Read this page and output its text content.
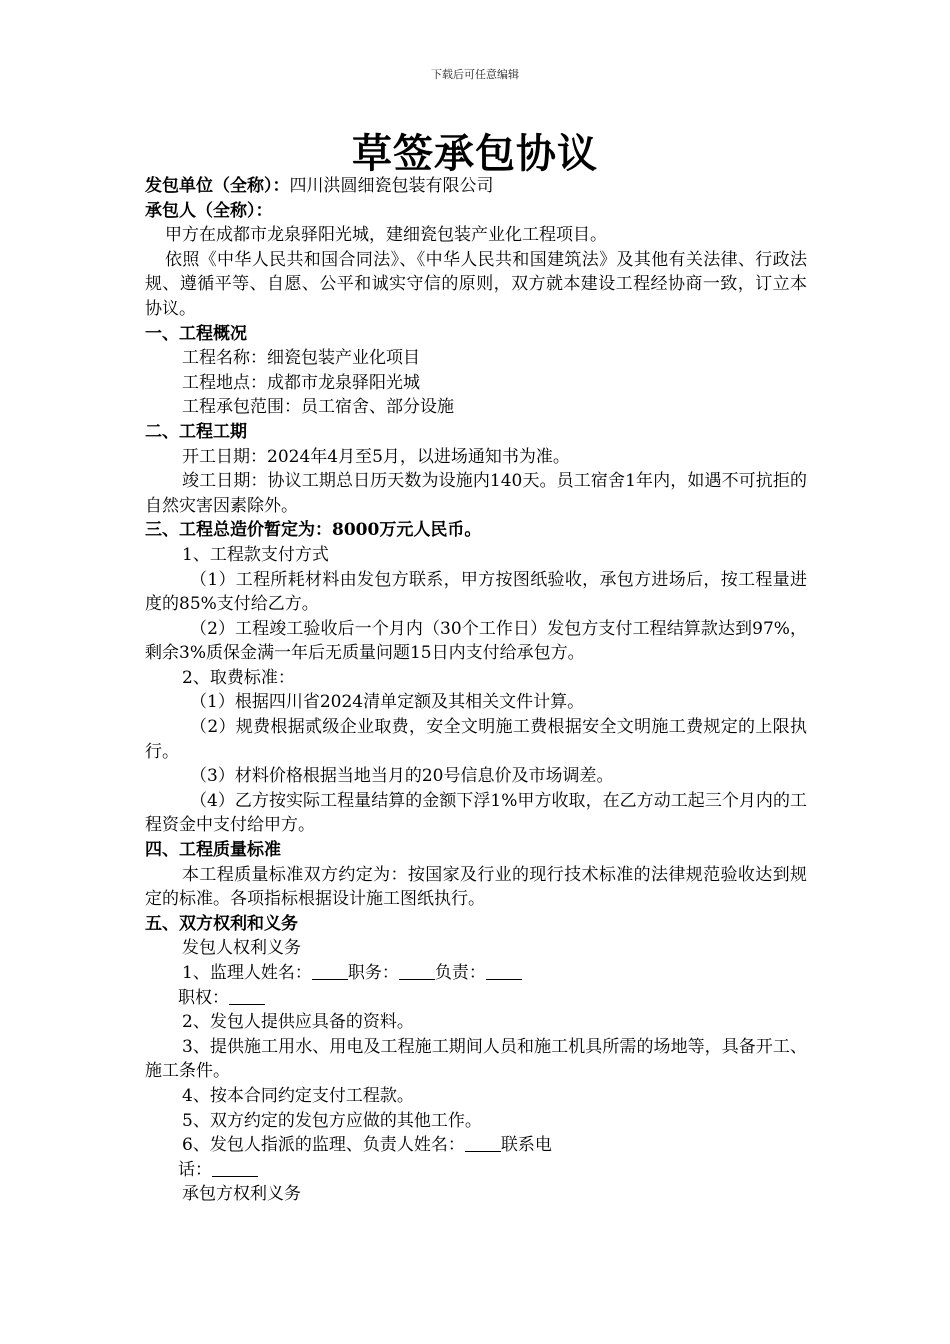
下载后可任意编辑
草签承包协议
发包单位（全称）：四川洪圆细瓷包装有限公司
承包人（全称）：
甲方在成都市龙泉驿阳光城，建细瓷包装产业化工程项目。
依照《中华人民共和国合同法》、《中华人民共和国建筑法》及其他有关法律、行政法规、遵循平等、自愿、公平和诚实守信的原则，双方就本建设工程经协商一致，订立本协议。
一、工程概况
工程名称：细瓷包装产业化项目
工程地点：成都市龙泉驿阳光城
工程承包范围：员工宿舍、部分设施
二、工程工期
开工日期：2024年4月至5月，以进场通知书为准。
竣工日期：协议工期总日历天数为设施内140天。员工宿舍1年内，如遇不可抗拒的自然灾害因素除外。
三、工程总造价暂定为：8000万元人民币。
1、工程款支付方式
（1）工程所耗材料由发包方联系，甲方按图纸验收，承包方进场后，按工程量进度的85%支付给乙方。
（2）工程竣工验收后一个月内（30个工作日）发包方支付工程结算款达到97%，剩余3%质保金满一年后无质量问题15日内支付给承包方。
2、取费标准：
（1）根据四川省2024清单定额及其相关文件计算。
（2）规费根据贰级企业取费，安全文明施工费根据安全文明施工费规定的上限执行。
（3）材料价格根据当地当月的20号信息价及市场调差。
（4）乙方按实际工程量结算的金额下浮1%甲方收取，在乙方动工起三个月内的工程资金中支付给甲方。
四、工程质量标准
本工程质量标准双方约定为：按国家及行业的现行技术标准的法律规范验收达到规定的标准。各项指标根据设计施工图纸执行。
五、双方权利和义务
发包人权利义务
1、监理人姓名： 职务： 负责：
职权：
2、发包人提供应具备的资料。
3、提供施工用水、用电及工程施工期间人员和施工机具所需的场地等，具备开工、施工条件。
4、按本合同约定支付工程款。
5、双方约定的发包方应做的其他工作。
6、发包人指派的监理、负责人姓名： 联系电
话：
承包方权利义务
